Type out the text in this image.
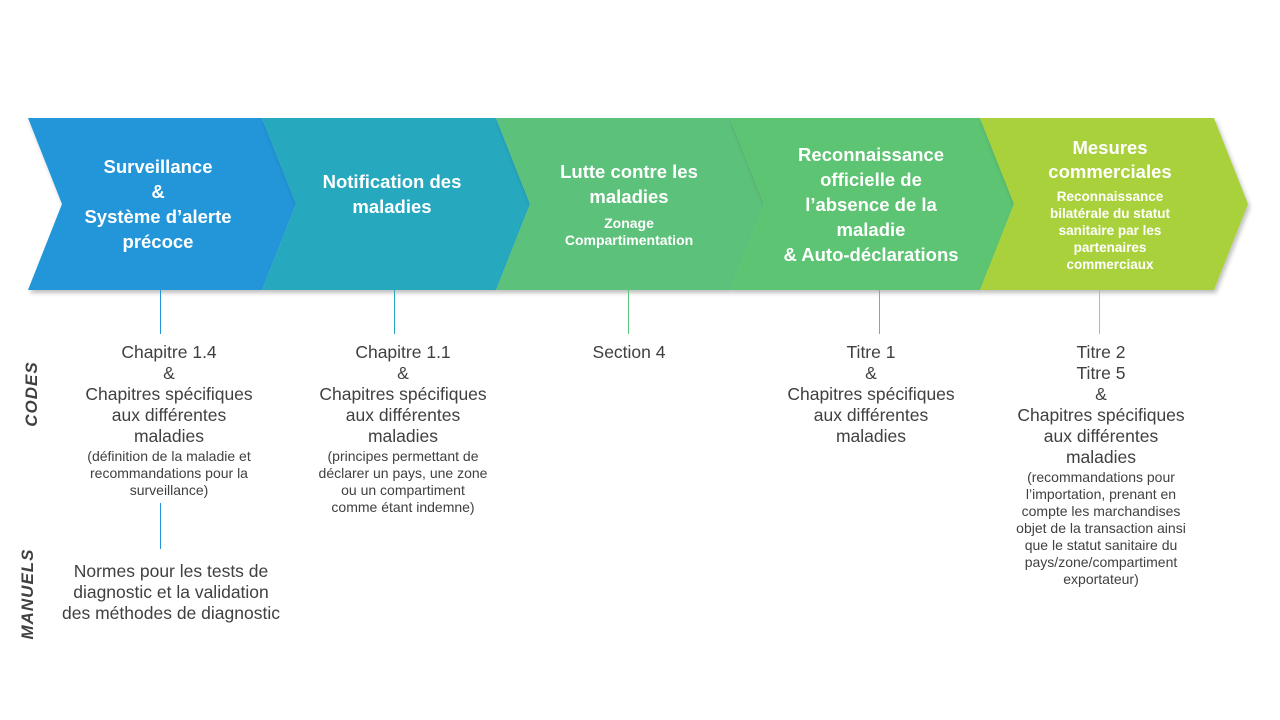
Surveillance
&
Système d’alerte
précoce
Notification des
maladies
Lutte contre les
maladies
Zonage
Compartimentation
Reconnaissance
officielle de
l’absence de la
maladie
& Auto-déclarations
Mesures
commerciales
Reconnaissance
bilatérale du statut
sanitaire par les
partenaires
commerciaux
CODES
MANUELS
Chapitre 1.4
&
Chapitres spécifiques
aux différentes
maladies
(définition de la maladie et
recommandations pour la
surveillance)
Chapitre 1.1
&
Chapitres spécifiques
aux différentes
maladies
(principes permettant de
déclarer un pays, une zone
ou un compartiment
comme étant indemne)
Section 4	Titre 1
&
Chapitres spécifiques
aux différentes
maladies
Titre 2
Titre 5
&
Chapitres spécifiques
aux différentes
maladies
(recommandations pour
l’importation, prenant en
compte les marchandises
objet de la transaction ainsi
que le statut sanitaire du
pays/zone/compartiment
exportateur)
Normes pour les tests de
diagnostic et la validation
des méthodes de diagnostic
